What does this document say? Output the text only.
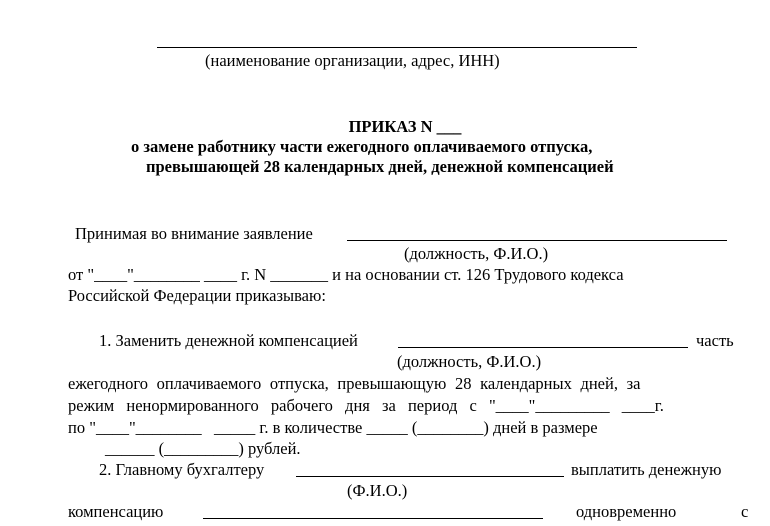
(наименование организации, адрес, ИНН)
ПРИКАЗ N ___
о замене работнику части ежегодного оплачиваемого отпуска,
превышающей 28 календарных дней, денежной компенсацией
Принимая во внимание заявление
(должность, Ф.И.О.)
от "____"________ ____ г. N _______ и на основании ст. 126 Трудового кодекса
Российской Федерации приказываю:
1. Заменить денежной компенсацией	часть
(должность, Ф.И.О.)
ежегодного оплачиваемого отпуска, превышающую 28 календарных дней, за
режим ненормированного рабочего дня за период с "____"_________ ____г.
по "____"________   _____ г. в количестве _____ (________) дней в размере
______ (_________) рублей.
2. Главному бухгалтеру	выплатить денежную
(Ф.И.О.)
компенсацию	одновременно	с
